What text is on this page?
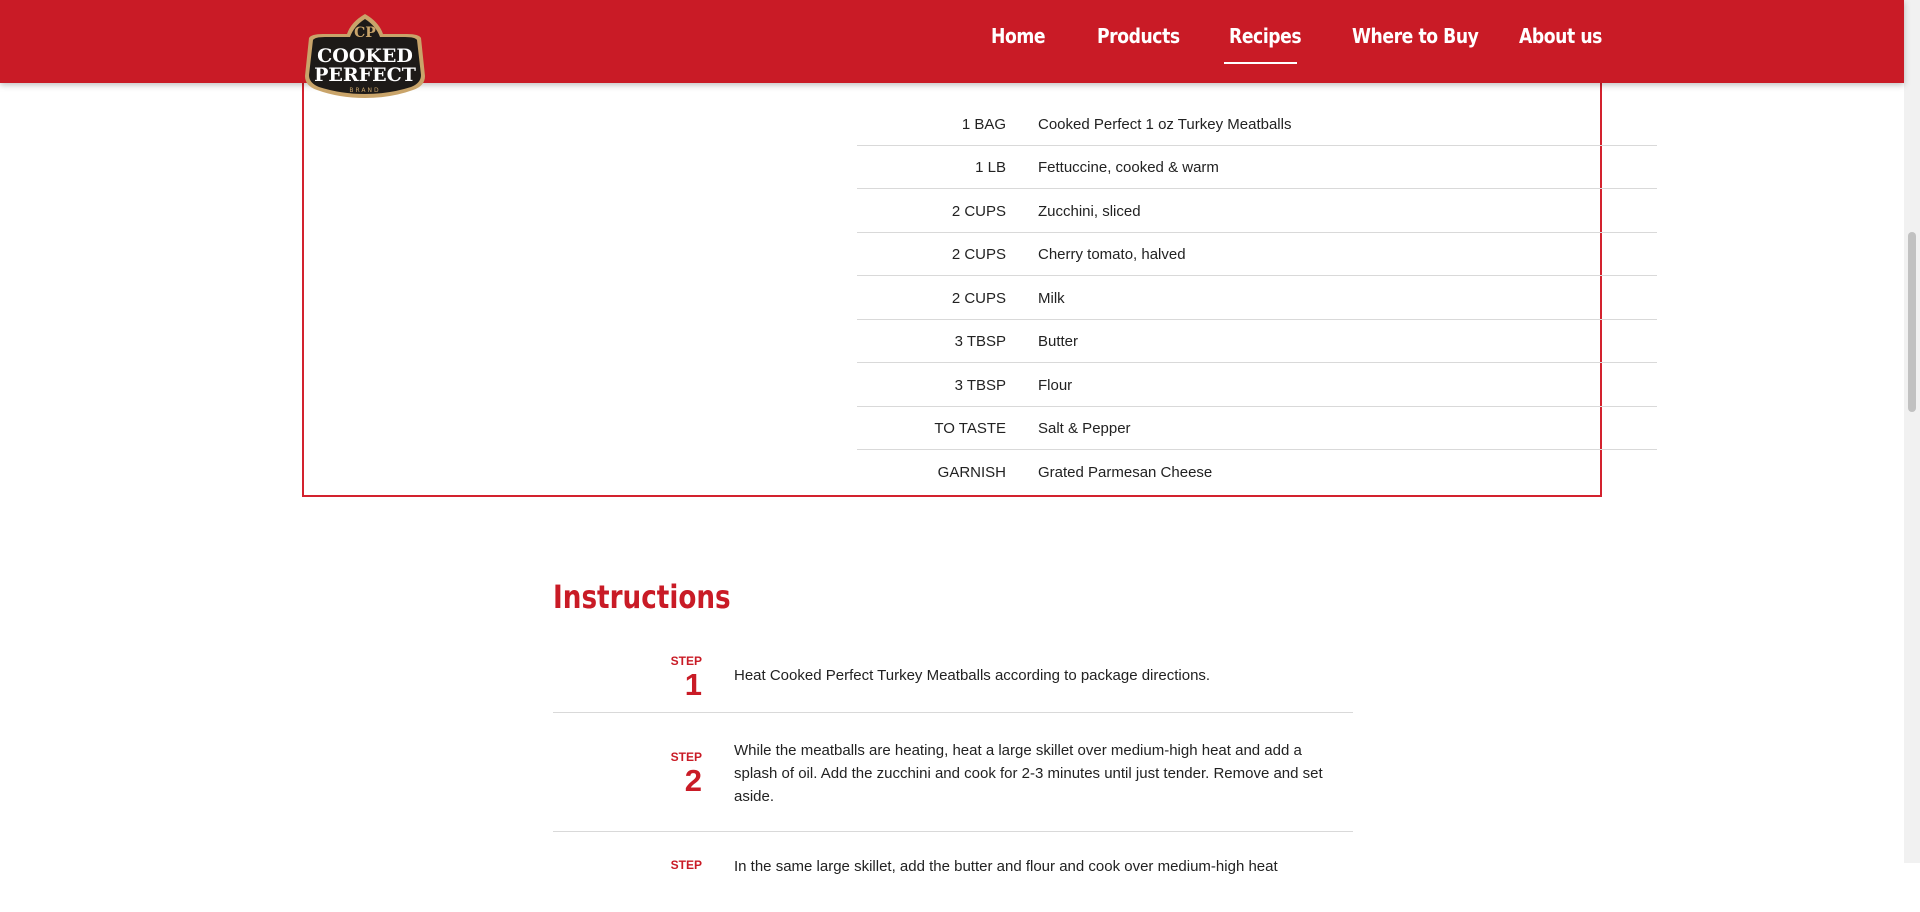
Home	Products Recipes	Where to Buy About us
CP
COOKED
PERFECT
BRAND
1 BAG Cooked Perfect 1 oz Turkey Meatballs
1 LB Fettuccine, cooked & warm
2 CUPS Zucchini, sliced
2 CUPS Cherry tomato, halved
2 CUPS Milk
3 TBSP Butter
3 TBSP Flour
TO TASTE Salt & Pepper
GARNISH Grated Parmesan Cheese
Instructions
STEP
1 Heat Cooked Perfect Turkey Meatballs according to package directions.

STEP
2

While the meatballs are heating, heat a large skillet over medium-high heat and add a splash of oil. Add the zucchini and cook for 2-3 minutes until just tender. Remove and set aside.

STEP In the same large skillet, add the butter and flour and cook over medium-high heat
